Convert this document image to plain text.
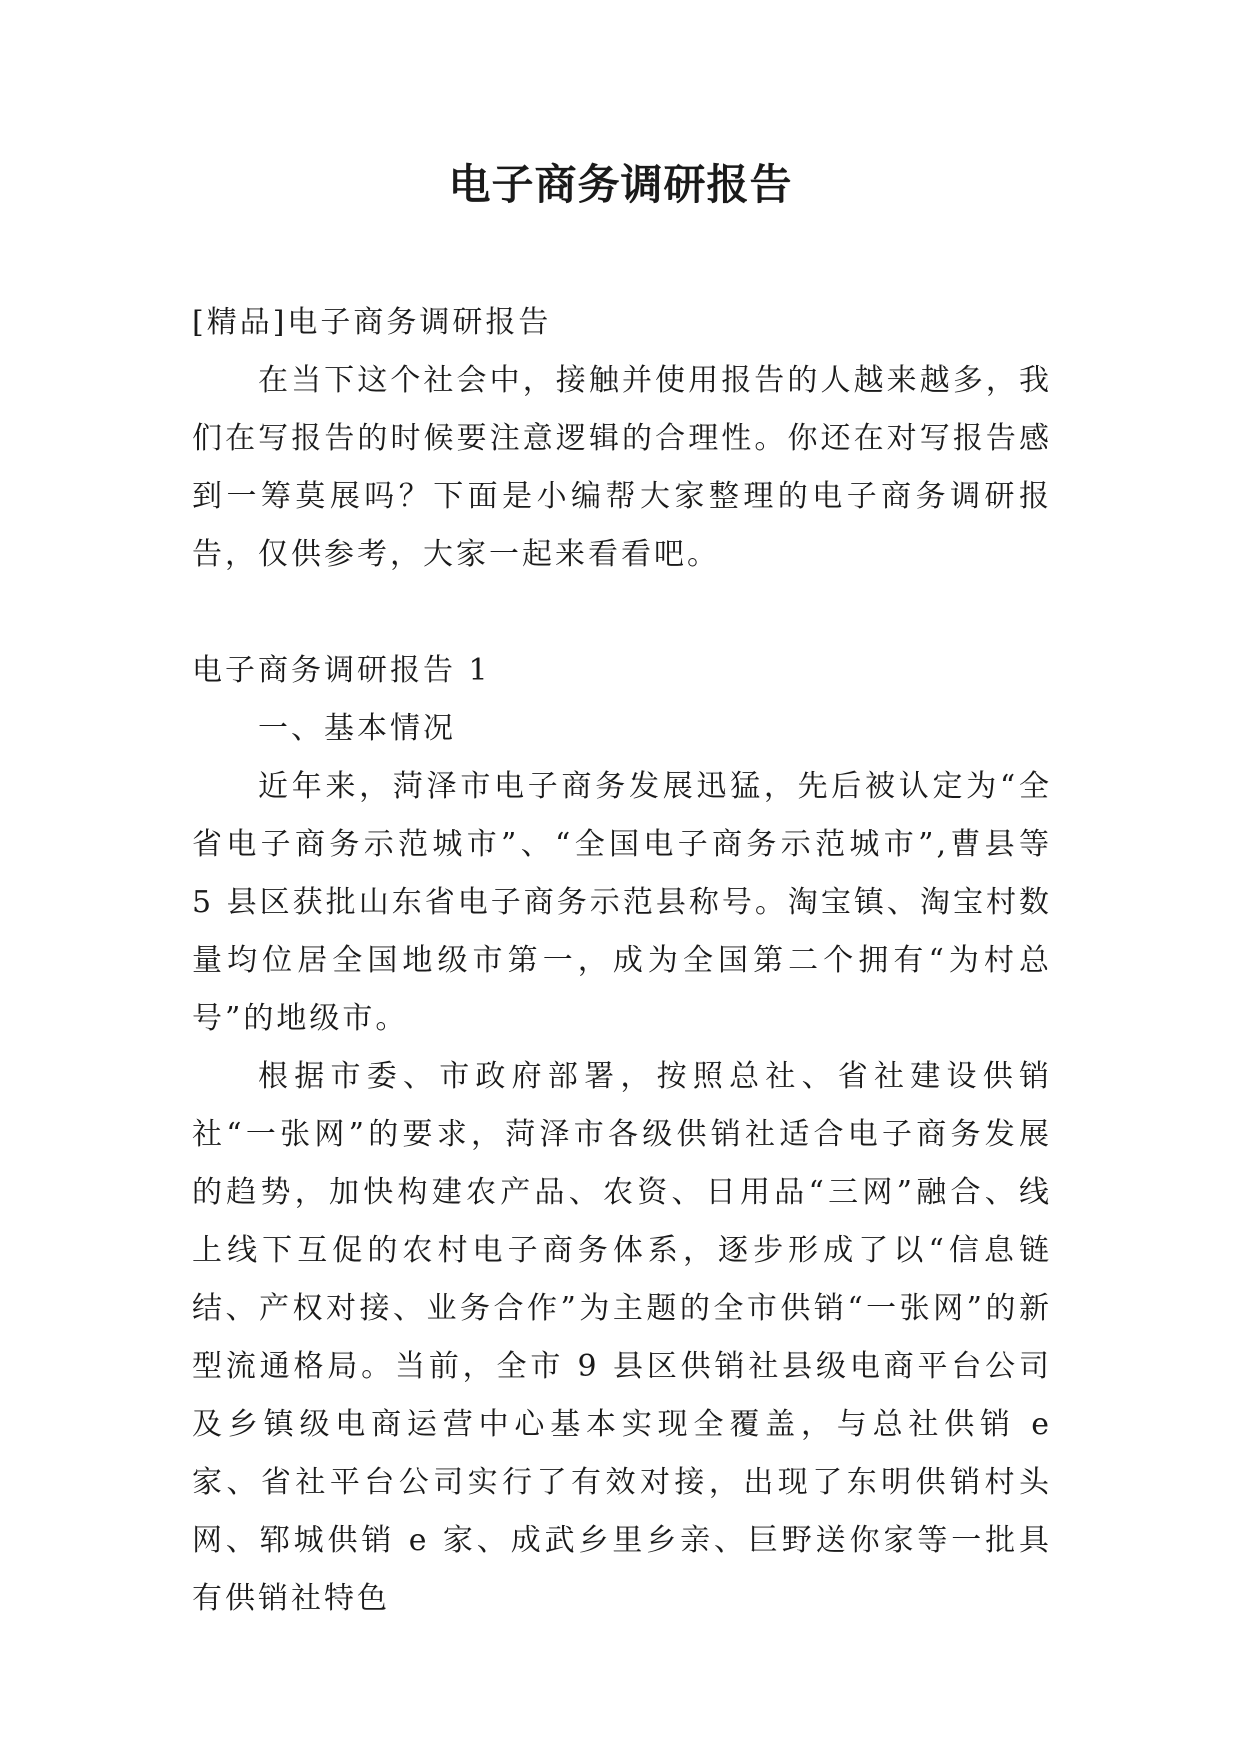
电子商务调研报告

[精品]电子商务调研报告

在当下这个社会中，接触并使用报告的人越来越多，我们在写报告的时候要注意逻辑的合理性。你还在对写报告感到一筹莫展吗？下面是小编帮大家整理的电子商务调研报告，仅供参考，大家一起来看看吧。

电子商务调研报告 1

一、基本情况

近年来，菏泽市电子商务发展迅猛，先后被认定为“全省电子商务示范城市”、“全国电子商务示范城市”,曹县等 5 县区获批山东省电子商务示范县称号。淘宝镇、淘宝村数量均位居全国地级市第一，成为全国第二个拥有“为村总号”的地级市。

根据市委、市政府部署，按照总社、省社建设供销社“一张网”的要求，菏泽市各级供销社适合电子商务发展的趋势，加快构建农产品、农资、日用品“三网”融合、线上线下互促的农村电子商务体系，逐步形成了以“信息链结、产权对接、业务合作”为主题的全市供销“一张网”的新型流通格局。当前，全市 9 县区供销社县级电商平台公司及乡镇级电商运营中心基本实现全覆盖，与总社供销 e 家、省社平台公司实行了有效对接，出现了东明供销村头网、郓城供销 e 家、成武乡里乡亲、巨野送你家等一批具有供销社特色
